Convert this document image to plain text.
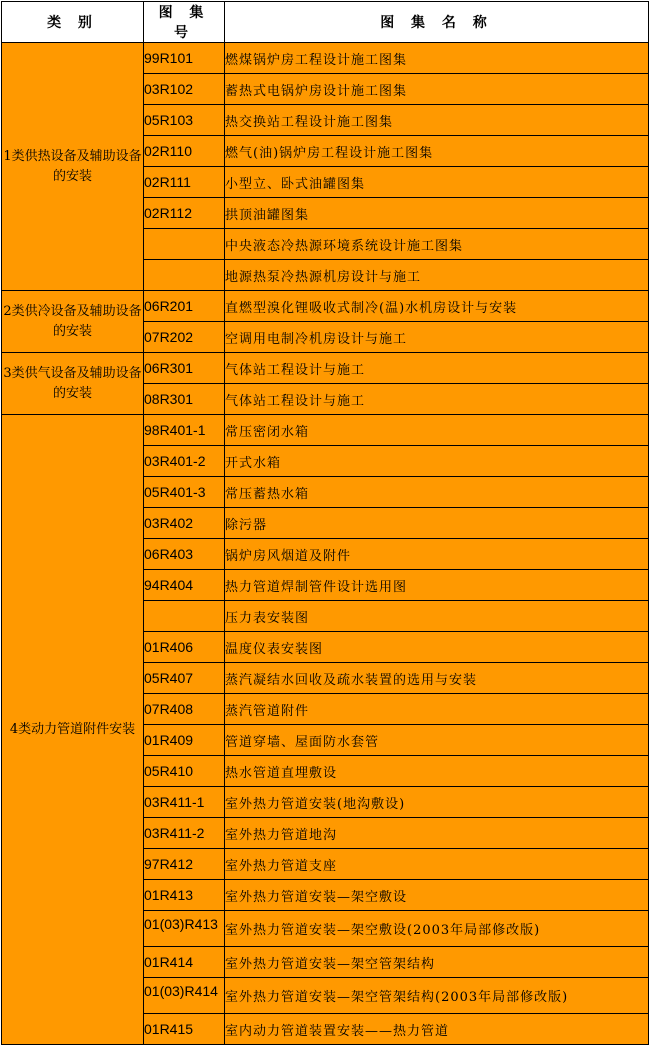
类 别	图 集 号	图 集 名 称
1类供热设备及辅助设备的安装	99R101	燃煤锅炉房工程设计施工图集
	03R102	蓄热式电锅炉房设计施工图集
	05R103	热交换站工程设计施工图集
	02R110	燃气(油)锅炉房工程设计施工图集
	02R111	小型立、卧式油罐图集
	02R112	拱顶油罐图集
		中央液态冷热源环境系统设计施工图集
		地源热泵冷热源机房设计与施工
2类供冷设备及辅助设备的安装	06R201	直燃型溴化锂吸收式制冷(温)水机房设计与安装
	07R202	空调用电制冷机房设计与施工
3类供气设备及辅助设备的安装	06R301	气体站工程设计与施工
	08R301	气体站工程设计与施工
4类动力管道附件安装	98R401-1	常压密闭水箱
	03R401-2	开式水箱
	05R401-3	常压蓄热水箱
	03R402	除污器
	06R403	锅炉房风烟道及附件
	94R404	热力管道焊制管件设计选用图
		压力表安装图
	01R406	温度仪表安装图
	05R407	蒸汽凝结水回收及疏水装置的选用与安装
	07R408	蒸汽管道附件
	01R409	管道穿墙、屋面防水套管
	05R410	热水管道直埋敷设
	03R411-1	室外热力管道安装(地沟敷设)
	03R411-2	室外热力管道地沟
	97R412	室外热力管道支座
	01R413	室外热力管道安装—架空敷设
	01(03)R413	室外热力管道安装—架空敷设(2003年局部修改版)
	01R414	室外热力管道安装—架空管架结构
	01(03)R414	室外热力管道安装—架空管架结构(2003年局部修改版)
	01R415	室内动力管道装置安装——热力管道
